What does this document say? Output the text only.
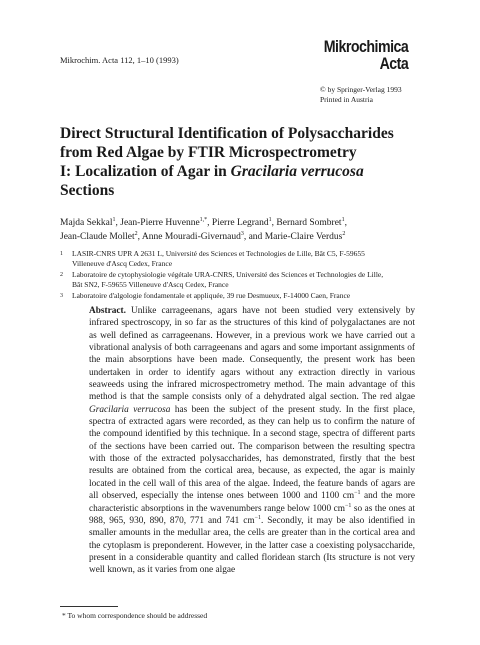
Mikrochim. Acta 112, 1–10 (1993)
Mikrochimica
Acta
© by Springer-Verlag 1993
Printed in Austria
Direct Structural Identification of Polysaccharides
from Red Algae by FTIR Microspectrometry
I: Localization of Agar in Gracilaria verrucosa
Sections
Majda Sekkal$^1$, Jean-Pierre Huvenne$^{1,*}$, Pierre Legrand$^1$, Bernard Sombret$^1$,
Jean-Claude Mollet$^2$, Anne Mouradi-Givernaud$^3$, and Marie-Claire Verdus$^2$
1 LASIR-CNRS UPR A 2631 L, Université des Sciences et Technologies de Lille, Bât C5, F-59655 Villeneuve d'Ascq Cedex, France
2 Laboratoire de cytophysiologie végétale URA-CNRS, Université des Sciences et Technologies de Lille, Bât SN2, F-59655 Villeneuve d'Ascq Cedex, France
3 Laboratoire d'algologie fondamentale et appliquée, 39 rue Desmueux, F-14000 Caen, France
Abstract. Unlike carrageenans, agars have not been studied very extensively by infrared spectroscopy, in so far as the structures of this kind of polygalactanes are not as well defined as carrageenans. However, in a previous work we have carried out a vibrational analysis of both carrageenans and agars and some important assignments of the main absorptions have been made. Consequently, the present work has been undertaken in order to identify agars without any extraction directly in various seaweeds using the infrared microspectrometry method. The main advantage of this method is that the sample consists only of a dehydrated algal section. The red algae Gracilaria verrucosa has been the subject of the present study. In the first place, spectra of extracted agars were recorded, as they can help us to confirm the nature of the compound identified by this technique. In a second stage, spectra of different parts of the sections have been carried out. The comparison between the resulting spectra with those of the extracted polysaccharides, has demonstrated, firstly that the best results are obtained from the cortical area, because, as expected, the agar is mainly located in the cell wall of this area of the algae. Indeed, the feature bands of agars are all observed, especially the intense ones between 1000 and 1100 $cm^{-1}$ and the more characteristic absorptions in the wavenumbers range below 1000 $cm^{-1}$ so as the ones at 988, 965, 930, 890, 870, 771 and 741 $cm^{-1}$. Secondly, it may be also identified in smaller amounts in the medullar area, the cells are greater than in the cortical area and the cytoplasm is preponderent. However, in the latter case a coexisting polysaccharide, present in a considerable quantity and called floridean starch (Its structure is not very well known, as it varies from one algae
* To whom correspondence should be addressed
